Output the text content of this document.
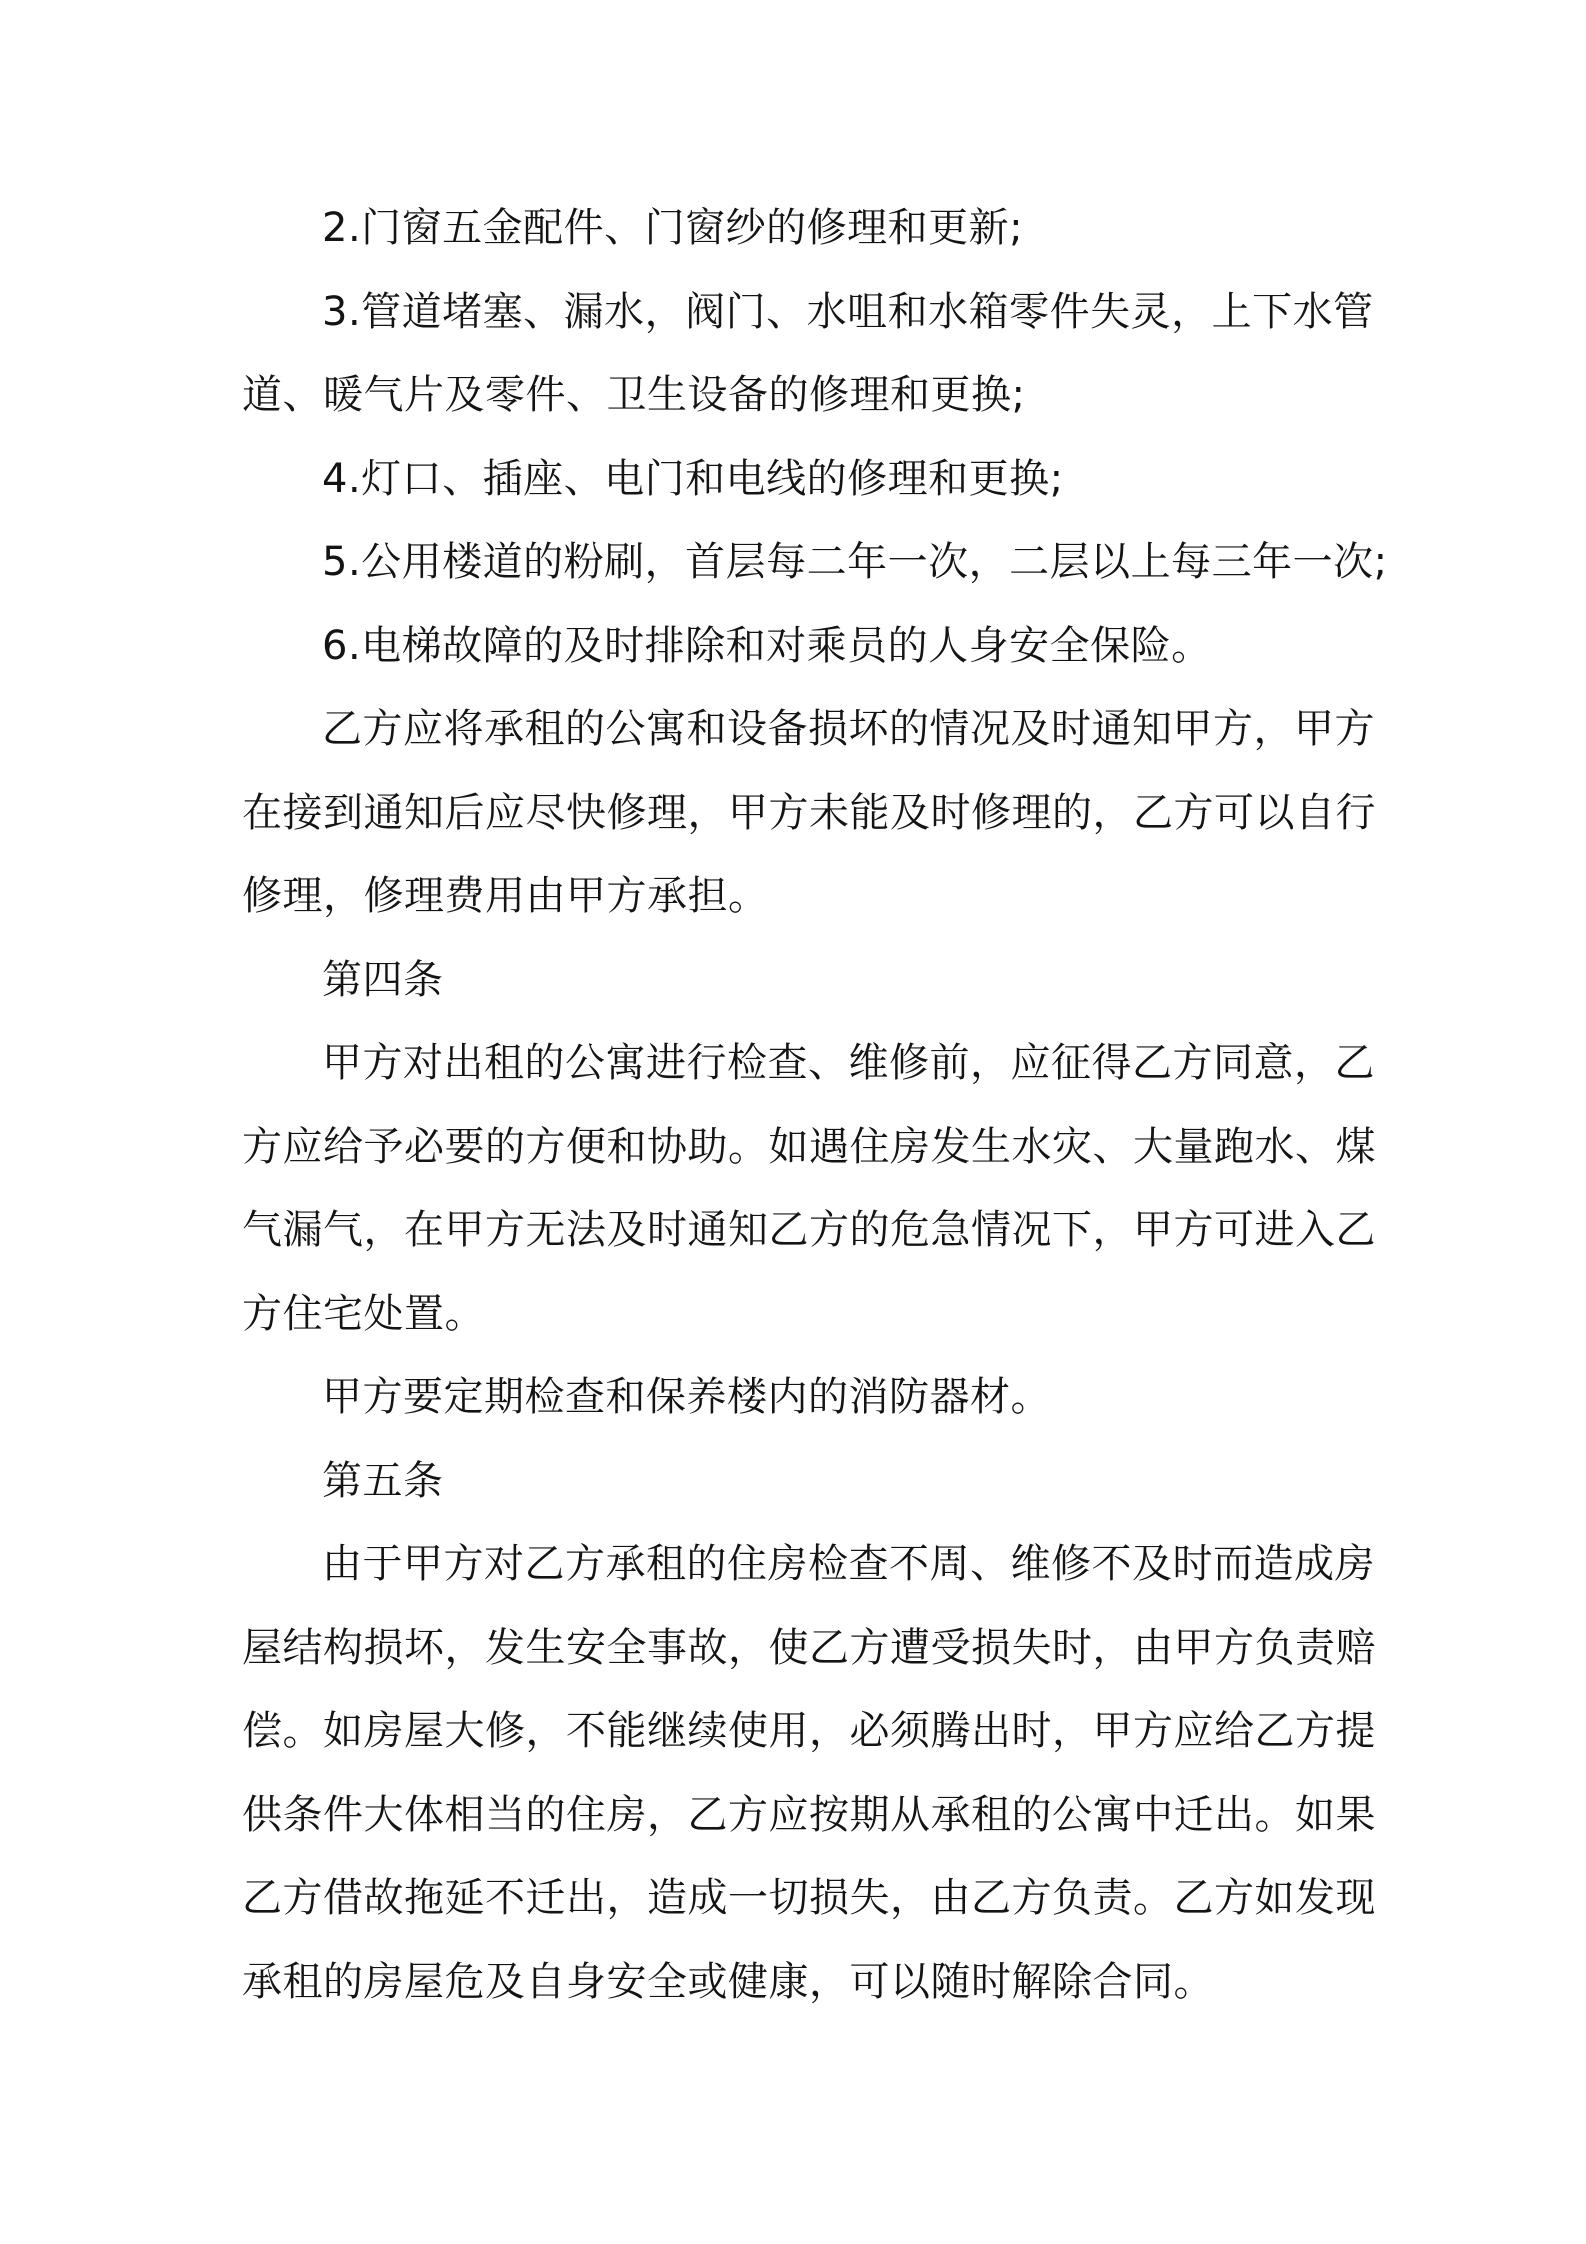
2.门窗五金配件、门窗纱的修理和更新;
3.管道堵塞、漏水，阀门、水咀和水箱零件失灵，上下水管
道、暖气片及零件、卫生设备的修理和更换;
4.灯口、插座、电门和电线的修理和更换;
5.公用楼道的粉刷，首层每二年一次，二层以上每三年一次;
6.电梯故障的及时排除和对乘员的人身安全保险。
乙方应将承租的公寓和设备损坏的情况及时通知甲方，甲方
在接到通知后应尽快修理，甲方未能及时修理的，乙方可以自行
修理，修理费用由甲方承担。
第四条
甲方对出租的公寓进行检查、维修前，应征得乙方同意，乙
方应给予必要的方便和协助。如遇住房发生水灾、大量跑水、煤
气漏气，在甲方无法及时通知乙方的危急情况下，甲方可进入乙
方住宅处置。
甲方要定期检查和保养楼内的消防器材。
第五条
由于甲方对乙方承租的住房检查不周、维修不及时而造成房
屋结构损坏，发生安全事故，使乙方遭受损失时，由甲方负责赔
偿。如房屋大修，不能继续使用，必须腾出时，甲方应给乙方提
供条件大体相当的住房，乙方应按期从承租的公寓中迁出。如果
乙方借故拖延不迁出，造成一切损失，由乙方负责。乙方如发现
承租的房屋危及自身安全或健康，可以随时解除合同。
